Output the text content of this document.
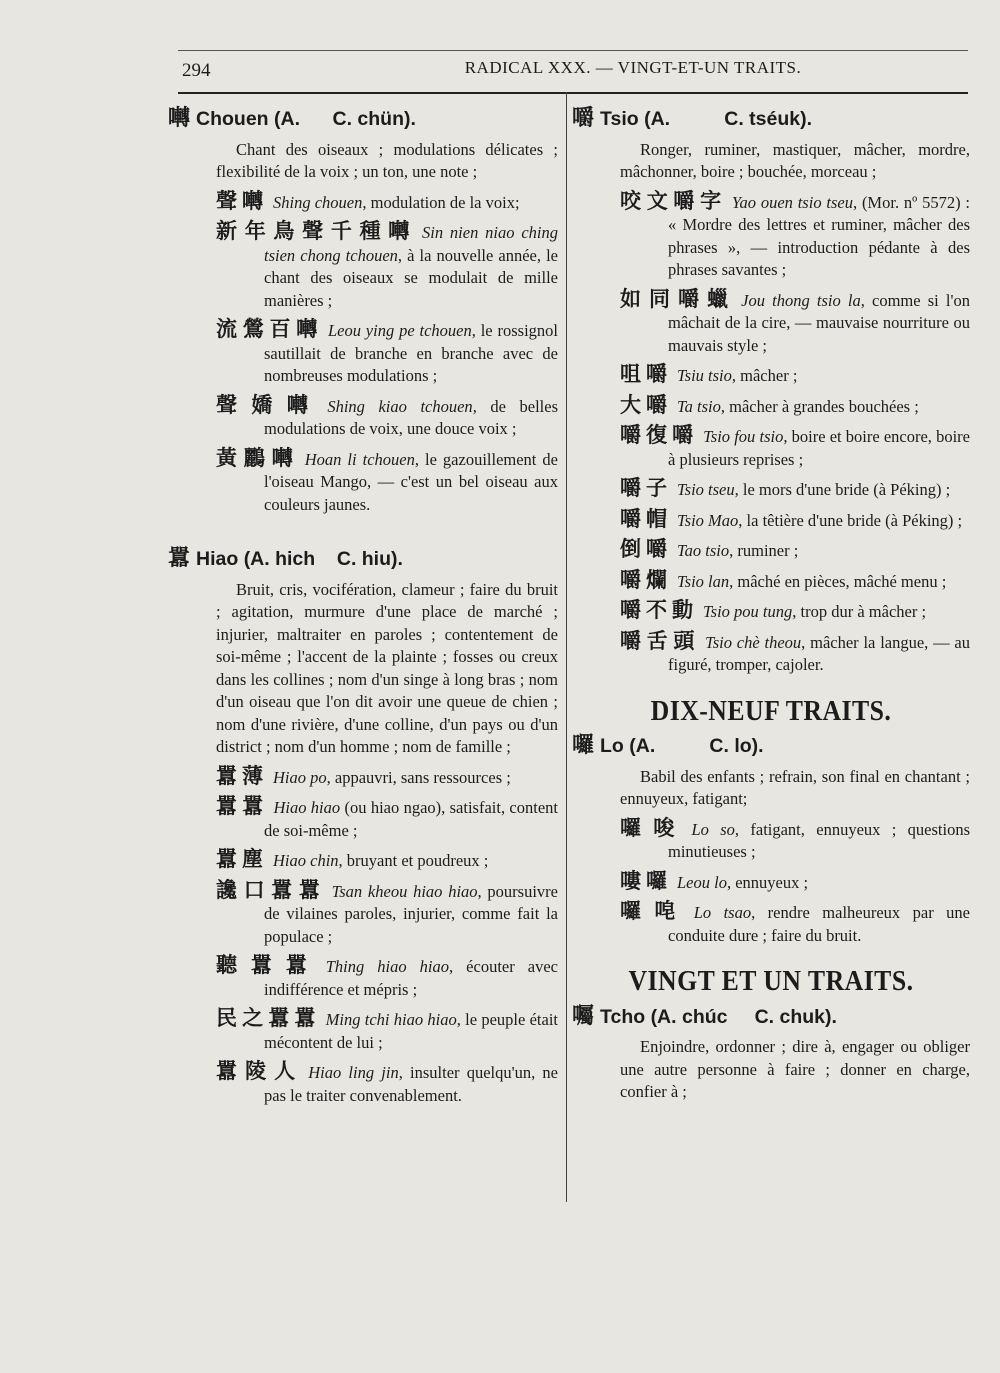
294	RADICAL XXX. — VINGT-ET-UN TRAITS.
囀 Chouen (A.      C. chün).
Chant des oiseaux ; modulations délicates ; flexibilité de la voix ; un ton, une note ;
聲囀 Shing chouen, modulation de la voix;
新年鳥聲千種囀 Sin nien niao ching tsien chong tchouen, à la nouvelle année, le chant des oiseaux se modulait de mille manières ;
流鶯百囀 Leou ying pe tchouen, le rossignol sautillait de branche en branche avec de nombreuses modulations ;
聲嬌囀 Shing kiao tchouen, de belles modulations de voix, une douce voix ;
黃鸝囀 Hoan li tchouen, le gazouillement de l'oiseau Mango, — c'est un bel oiseau aux couleurs jaunes.
囂 Hiao (A. hich    C. hiu).
Bruit, cris, vocifération, clameur ; faire du bruit ; agitation, murmure d'une place de marché ; injurier, maltraiter en paroles ; contentement de soi-même ; l'accent de la plainte ; fosses ou creux dans les collines ; nom d'un singe à long bras ; nom d'un oiseau que l'on dit avoir une queue de chien ; nom d'une rivière, d'une colline, d'un pays ou d'un district ; nom d'un homme ; nom de famille ;
囂薄 Hiao po, appauvri, sans ressources ;
囂囂 Hiao hiao (ou hiao ngao), satisfait, content de soi-même ;
囂塵 Hiao chin, bruyant et poudreux ;
讒口囂囂 Tsan kheou hiao hiao, poursuivre de vilaines paroles, injurier, comme fait la populace ;
聽囂囂 Thing hiao hiao, écouter avec indifférence et mépris ;
民之囂囂 Ming tchi hiao hiao, le peuple était mécontent de lui ;
囂陵人 Hiao ling jin, insulter quelqu'un, ne pas le traiter convenablement.
嚼 Tsio (A.          C. tséuk).
Ronger, ruminer, mastiquer, mâcher, mordre, mâchonner, boire ; bouchée, morceau ;
咬文嚼字 Yao ouen tsio tseu, (Mor. nº 5572) : « Mordre des lettres et ruminer, mâcher des phrases », — introduction pédante à des phrases savantes ;
如同嚼蠟 Jou thong tsio la, comme si l'on mâchait de la cire, — mauvaise nourriture ou mauvais style ;
咀嚼 Tsiu tsio, mâcher ;
大嚼 Ta tsio, mâcher à grandes bouchées ;
嚼復嚼 Tsio fou tsio, boire et boire encore, boire à plusieurs reprises ;
嚼子 Tsio tseu, le mors d'une bride (à Péking) ;
嚼帽 Tsio Mao, la têtière d'une bride (à Péking) ;
倒嚼 Tao tsio, ruminer ;
嚼爛 Tsio lan, mâché en pièces, mâché menu ;
嚼不動 Tsio pou tung, trop dur à mâcher ;
嚼舌頭 Tsio chè theou, mâcher la langue, — au figuré, tromper, cajoler.
DIX-NEUF TRAITS.
囉 Lo (A.          C. lo).
Babil des enfants ; refrain, son final en chantant ; ennuyeux, fatigant;
囉唆 Lo so, fatigant, ennuyeux ; questions minutieuses ;
嘍囉 Leou lo, ennuyeux ;
囉唣 Lo tsao, rendre malheureux par une conduite dure ; faire du bruit.
VINGT ET UN TRAITS.
囑 Tcho (A. chúc     C. chuk).
Enjoindre, ordonner ; dire à, engager ou obliger une autre personne à faire ; donner en charge, confier à ;
